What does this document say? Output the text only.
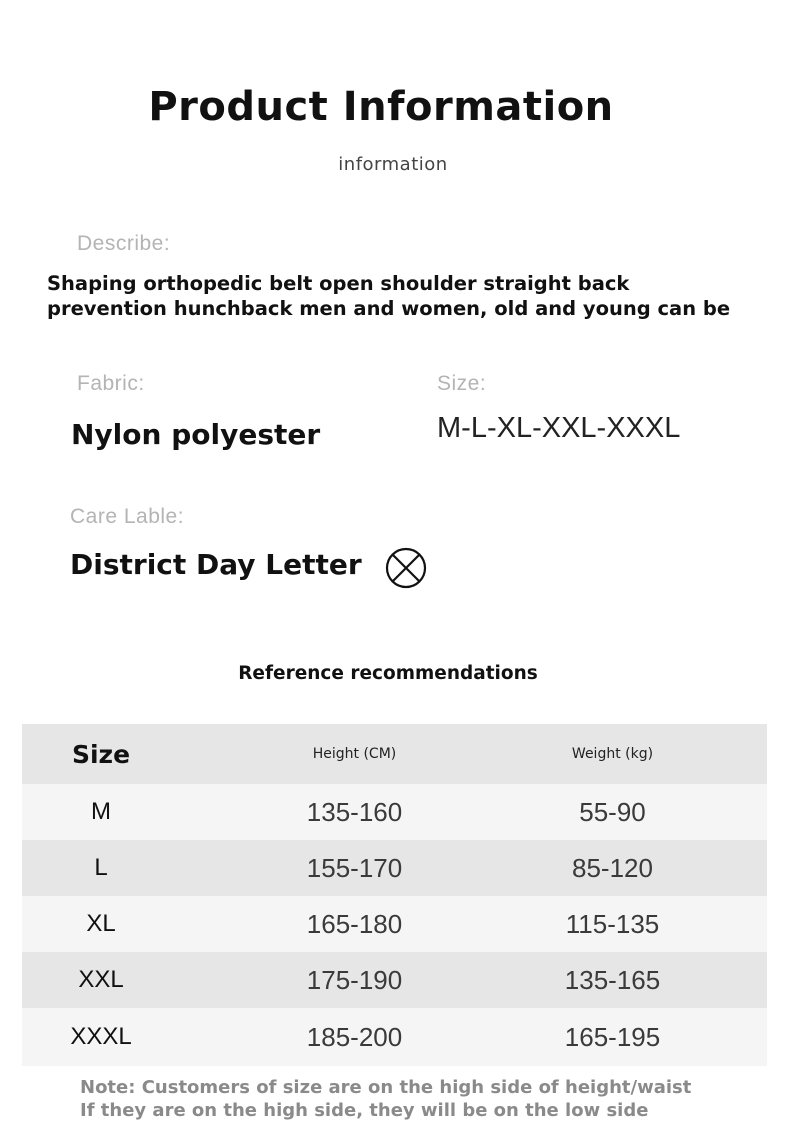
Product Information
information
Describe:
Shaping orthopedic belt open shoulder straight back
prevention hunchback men and women, old and young can be
Fabric:
Nylon polyester
Size:
M-L-XL-XXL-XXXL
Care Lable:
District Day Letter
Reference recommendations
Size	Height (CM)	Weight (kg)
M	135-160	55-90
L	155-170	85-120
XL	165-180	115-135
XXL	175-190	135-165
XXXL	185-200	165-195
Note: Customers of size are on the high side of height/waist
If they are on the high side, they will be on the low side
